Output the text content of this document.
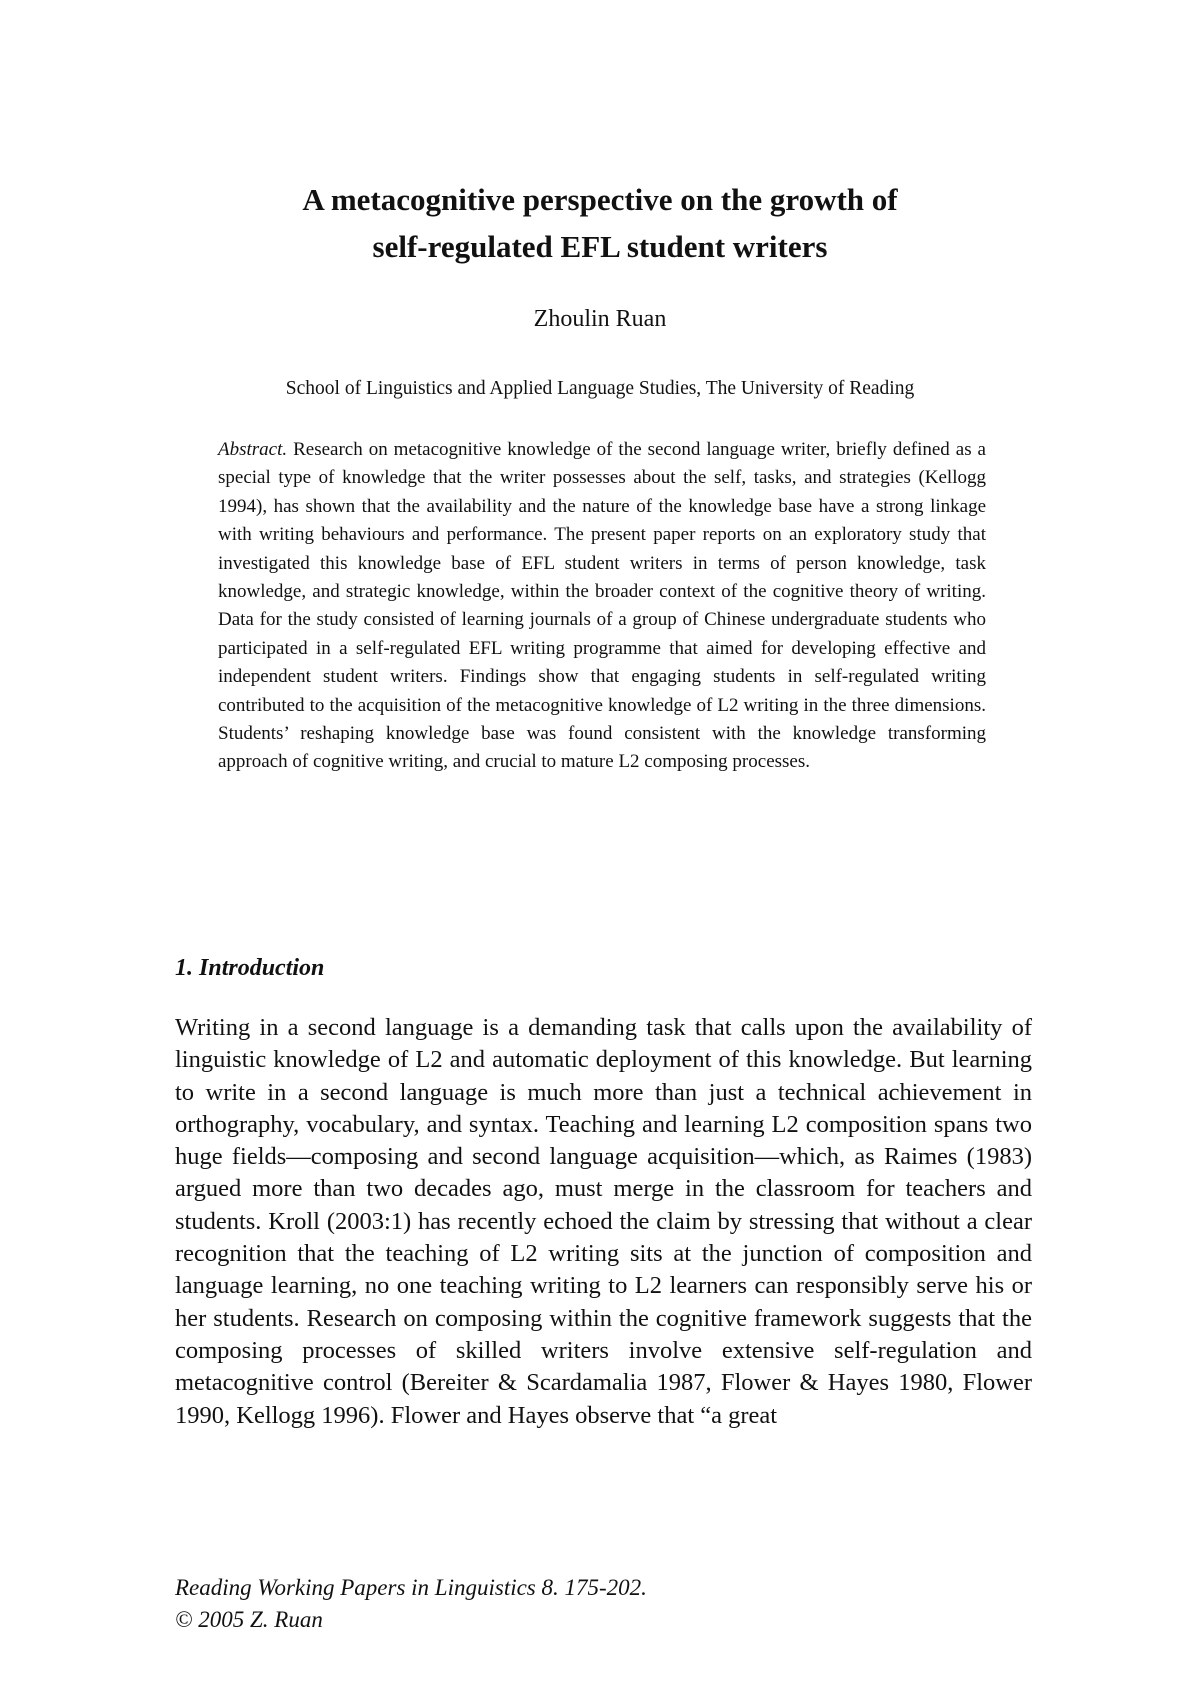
A metacognitive perspective on the growth of
self-regulated EFL student writers

Zhoulin Ruan

School of Linguistics and Applied Language Studies, The University of Reading

Abstract. Research on metacognitive knowledge of the second language writer, briefly defined as a special type of knowledge that the writer possesses about the self, tasks, and strategies (Kellogg 1994), has shown that the availability and the nature of the knowledge base have a strong linkage with writing behaviours and performance. The present paper reports on an exploratory study that investigated this knowledge base of EFL student writers in terms of person knowledge, task knowledge, and strategic knowledge, within the broader context of the cognitive theory of writing. Data for the study consisted of learning journals of a group of Chinese undergraduate students who participated in a self-regulated EFL writing programme that aimed for developing effective and independent student writers. Findings show that engaging students in self-regulated writing contributed to the acquisition of the metacognitive knowledge of L2 writing in the three dimensions. Students’ reshaping knowledge base was found consistent with the knowledge transforming approach of cognitive writing, and crucial to mature L2 composing processes.

1. Introduction

Writing in a second language is a demanding task that calls upon the availability of linguistic knowledge of L2 and automatic deployment of this knowledge. But learning to write in a second language is much more than just a technical achievement in orthography, vocabulary, and syntax. Teaching and learning L2 composition spans two huge fields—composing and second language acquisition—which, as Raimes (1983) argued more than two decades ago, must merge in the classroom for teachers and students. Kroll (2003:1) has recently echoed the claim by stressing that without a clear recognition that the teaching of L2 writing sits at the junction of composition and language learning, no one teaching writing to L2 learners can responsibly serve his or her students. Research on composing within the cognitive framework suggests that the composing processes of skilled writers involve extensive self-regulation and metacognitive control (Bereiter & Scardamalia 1987, Flower & Hayes 1980, Flower 1990, Kellogg 1996). Flower and Hayes observe that “a great

Reading Working Papers in Linguistics 8. 175-202.
© 2005 Z. Ruan
